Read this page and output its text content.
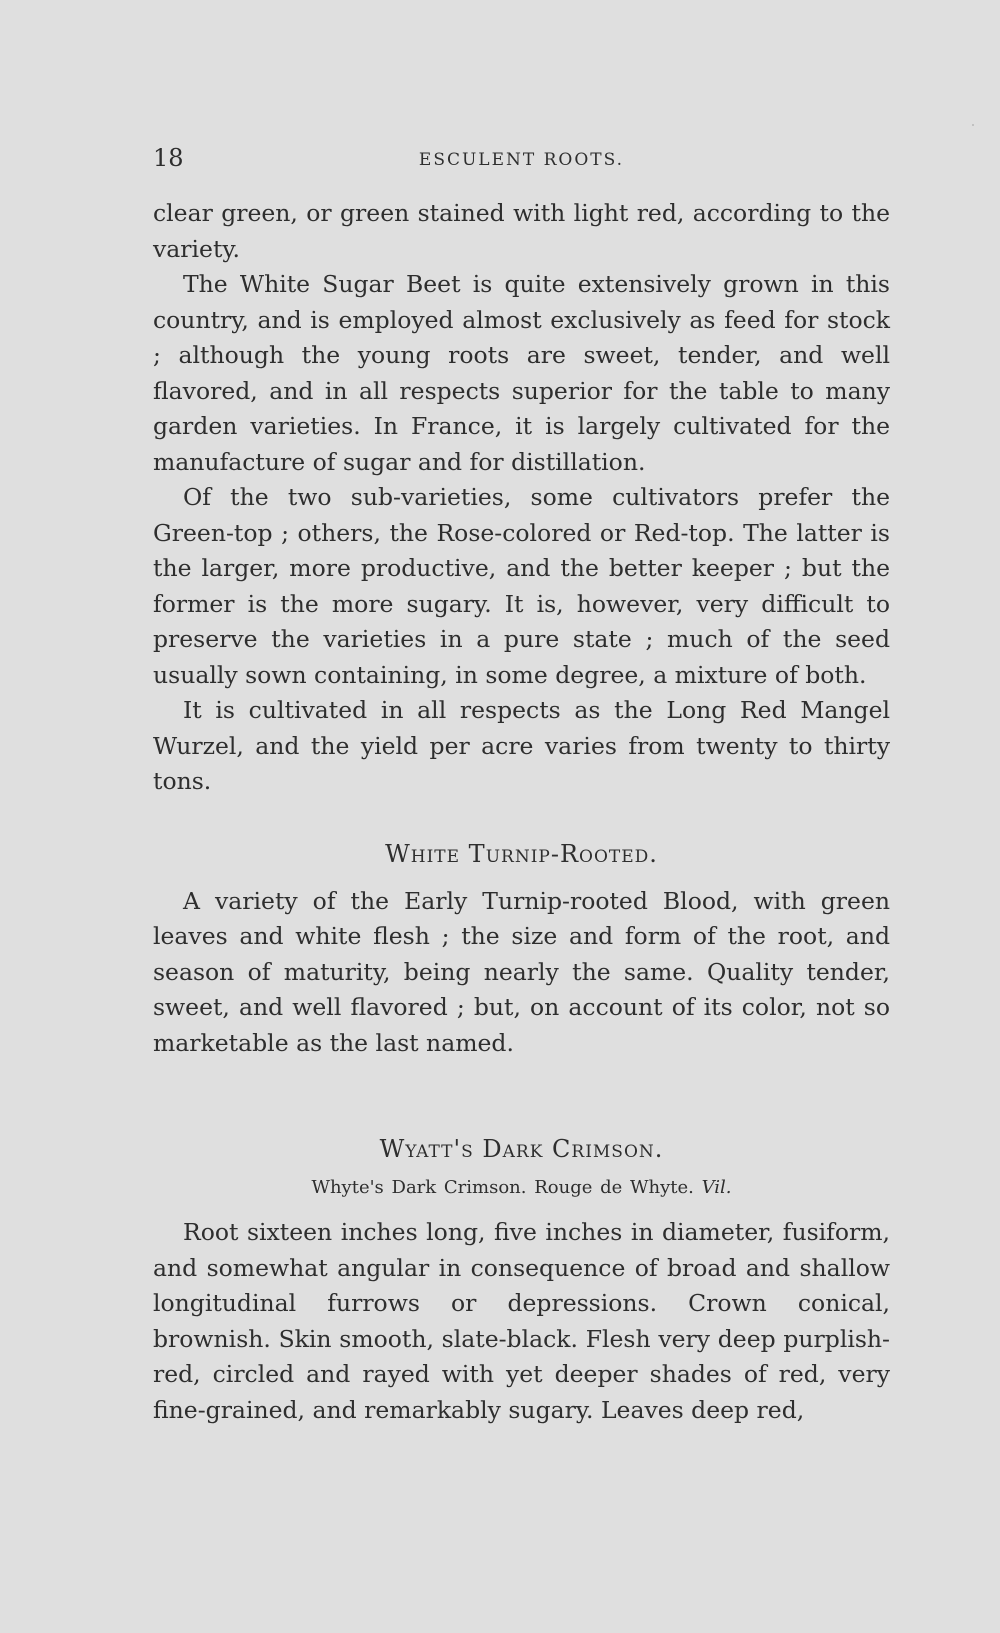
18	ESCULENT ROOTS.

clear green, or green stained with light red, according to the variety.

The White Sugar Beet is quite extensively grown in this country, and is employed almost exclusively as feed for stock ; although the young roots are sweet, tender, and well flavored, and in all respects superior for the table to many garden varieties. In France, it is largely cultivated for the manufacture of sugar and for distillation.

Of the two sub-varieties, some cultivators prefer the Green-top ; others, the Rose-colored or Red-top. The latter is the larger, more productive, and the better keeper ; but the former is the more sugary. It is, however, very difficult to preserve the varieties in a pure state ; much of the seed usually sown containing, in some degree, a mixture of both.

It is cultivated in all respects as the Long Red Mangel Wurzel, and the yield per acre varies from twenty to thirty tons.

White Turnip-Rooted.

A variety of the Early Turnip-rooted Blood, with green leaves and white flesh ; the size and form of the root, and season of maturity, being nearly the same. Quality tender, sweet, and well flavored ; but, on account of its color, not so marketable as the last named.

Wyatt's Dark Crimson.

Whyte's Dark Crimson. Rouge de Whyte. Vil.

Root sixteen inches long, five inches in diameter, fusiform, and somewhat angular in consequence of broad and shallow longitudinal furrows or depressions. Crown conical, brownish. Skin smooth, slate-black. Flesh very deep purplish-red, circled and rayed with yet deeper shades of red, very fine-grained, and remarkably sugary. Leaves deep red,
